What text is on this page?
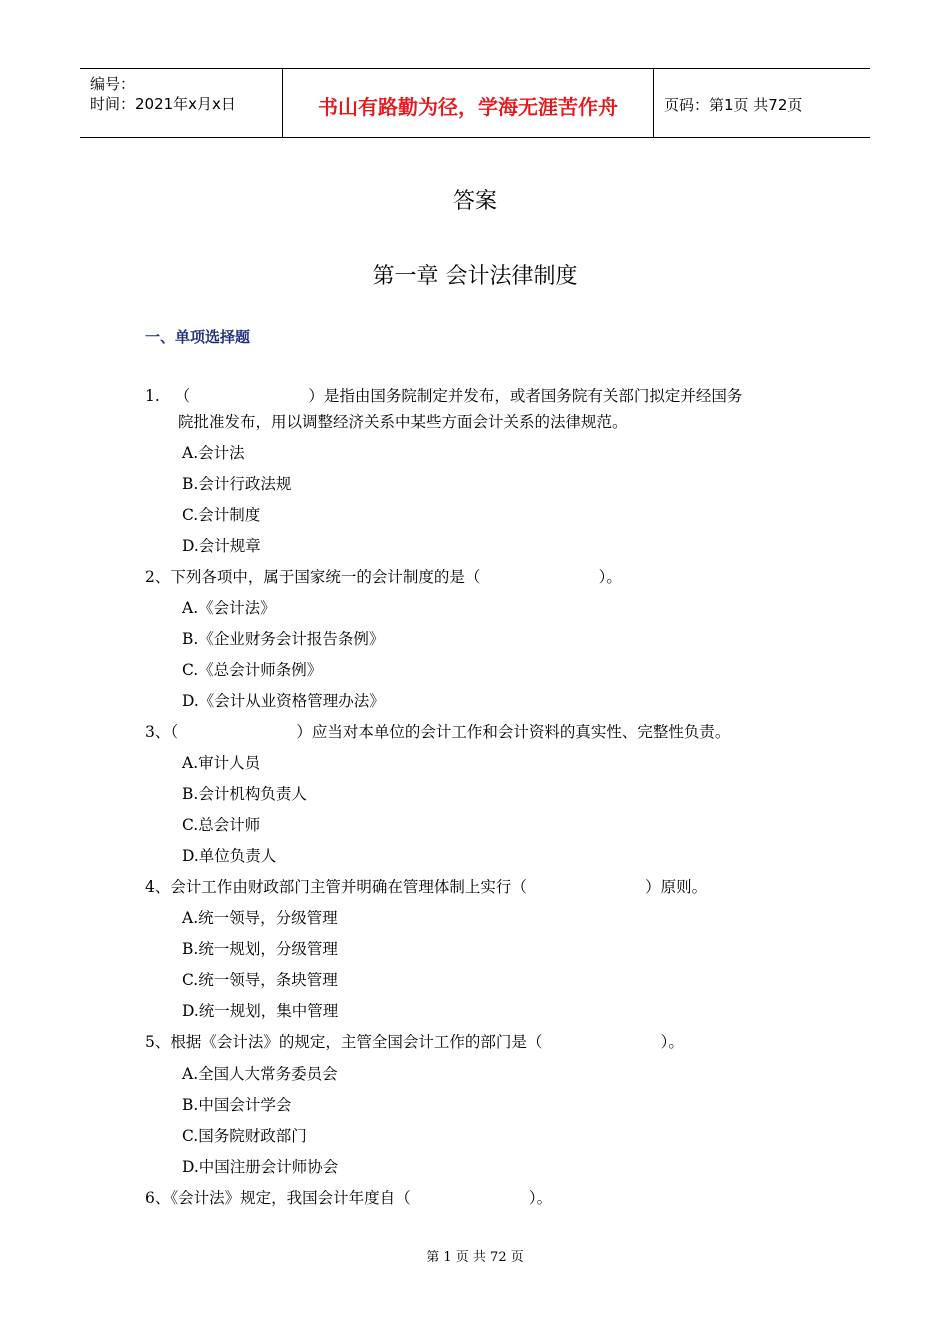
编号：
时间：2021年x月x日	书山有路勤为径，学海无涯苦作舟	页码：第1页 共72页
答案
第一章 会计法律制度
一、单项选择题
1.   （                        ）是指由国务院制定并发布，或者国务院有关部门拟定并经国务
院批准发布，用以调整经济关系中某些方面会计关系的法律规范。
A.会计法
B.会计行政法规
C.会计制度
D.会计规章
2、下列各项中，属于国家统一的会计制度的是（                        ）。
A.《会计法》
B.《企业财务会计报告条例》
C.《总会计师条例》
D.《会计从业资格管理办法》
3、（                        ）应当对本单位的会计工作和会计资料的真实性、完整性负责。
A.审计人员
B.会计机构负责人
C.总会计师
D.单位负责人
4、会计工作由财政部门主管并明确在管理体制上实行（                        ）原则。
A.统一领导，分级管理
B.统一规划，分级管理
C.统一领导，条块管理
D.统一规划，集中管理
5、根据《会计法》的规定，主管全国会计工作的部门是（                        ）。
A.全国人大常务委员会
B.中国会计学会
C.国务院财政部门
D.中国注册会计师协会
6、《会计法》规定，我国会计年度自（                        ）。
第 1 页 共 72 页
